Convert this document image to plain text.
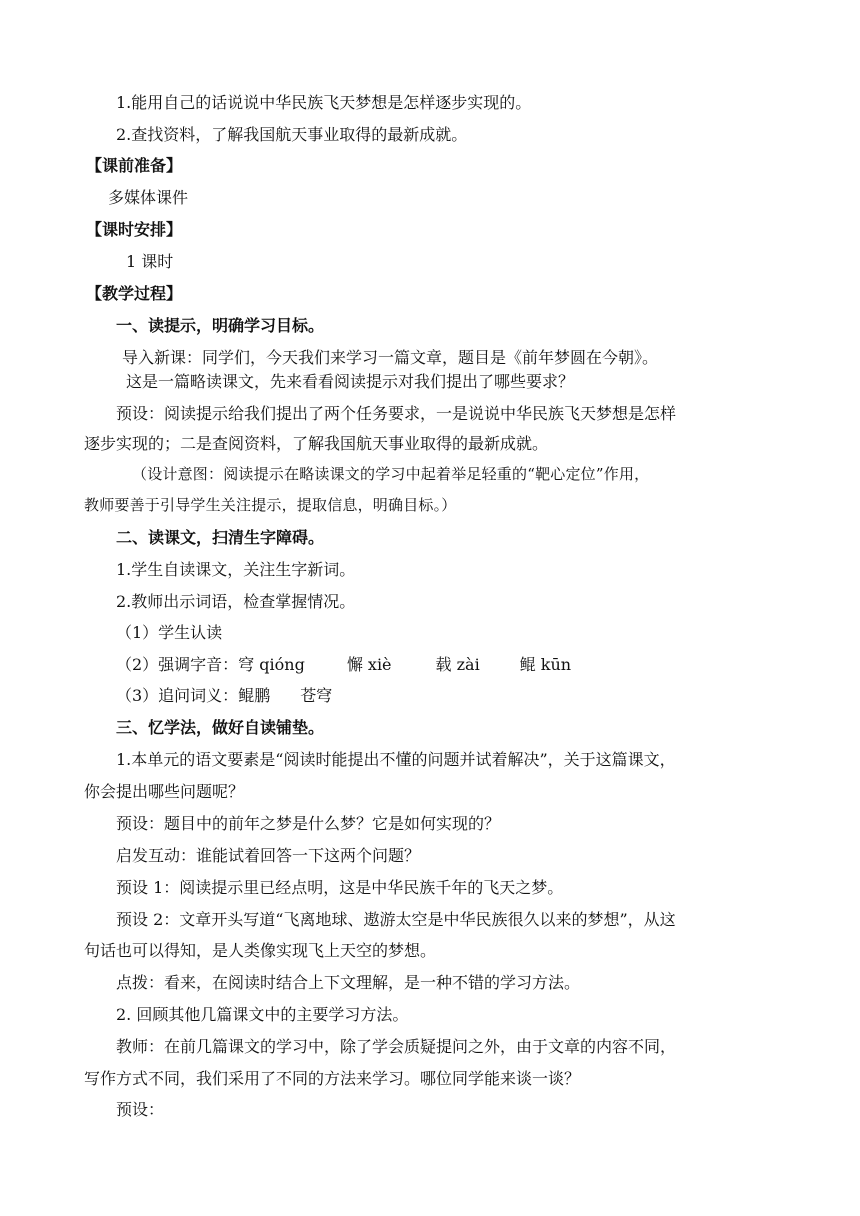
1.能用自己的话说说中华民族飞天梦想是怎样逐步实现的。
2.查找资料，了解我国航天事业取得的最新成就。
【课前准备】
多媒体课件
【课时安排】
1 课时
【教学过程】
一、读提示，明确学习目标。
导入新课：同学们，今天我们来学习一篇文章，题目是《前年梦圆在今朝》。
这是一篇略读课文，先来看看阅读提示对我们提出了哪些要求？
预设：阅读提示给我们提出了两个任务要求，一是说说中华民族飞天梦想是怎样
逐步实现的；二是查阅资料，了解我国航天事业取得的最新成就。
（设计意图：阅读提示在略读课文的学习中起着举足轻重的“靶心定位”作用，
教师要善于引导学生关注提示，提取信息，明确目标。）
二、读课文，扫清生字障碍。
1.学生自读课文，关注生字新词。
2.教师出示词语，检查掌握情况。
（1）学生认读
（2）强调字音：穹 qióng	懈 xiè	载 zài	鲲 kūn
（3）追问词义：鲲鹏 苍穹
三、忆学法，做好自读铺垫。
1.本单元的语文要素是“阅读时能提出不懂的问题并试着解决”，关于这篇课文，
你会提出哪些问题呢？
预设：题目中的前年之梦是什么梦？它是如何实现的？
启发互动：谁能试着回答一下这两个问题？
预设 1：阅读提示里已经点明，这是中华民族千年的飞天之梦。
预设 2：文章开头写道“飞离地球、遨游太空是中华民族很久以来的梦想”，从这
句话也可以得知，是人类像实现飞上天空的梦想。
点拨：看来，在阅读时结合上下文理解，是一种不错的学习方法。
2. 回顾其他几篇课文中的主要学习方法。
教师：在前几篇课文的学习中，除了学会质疑提问之外，由于文章的内容不同，
写作方式不同，我们采用了不同的方法来学习。哪位同学能来谈一谈？
预设：
